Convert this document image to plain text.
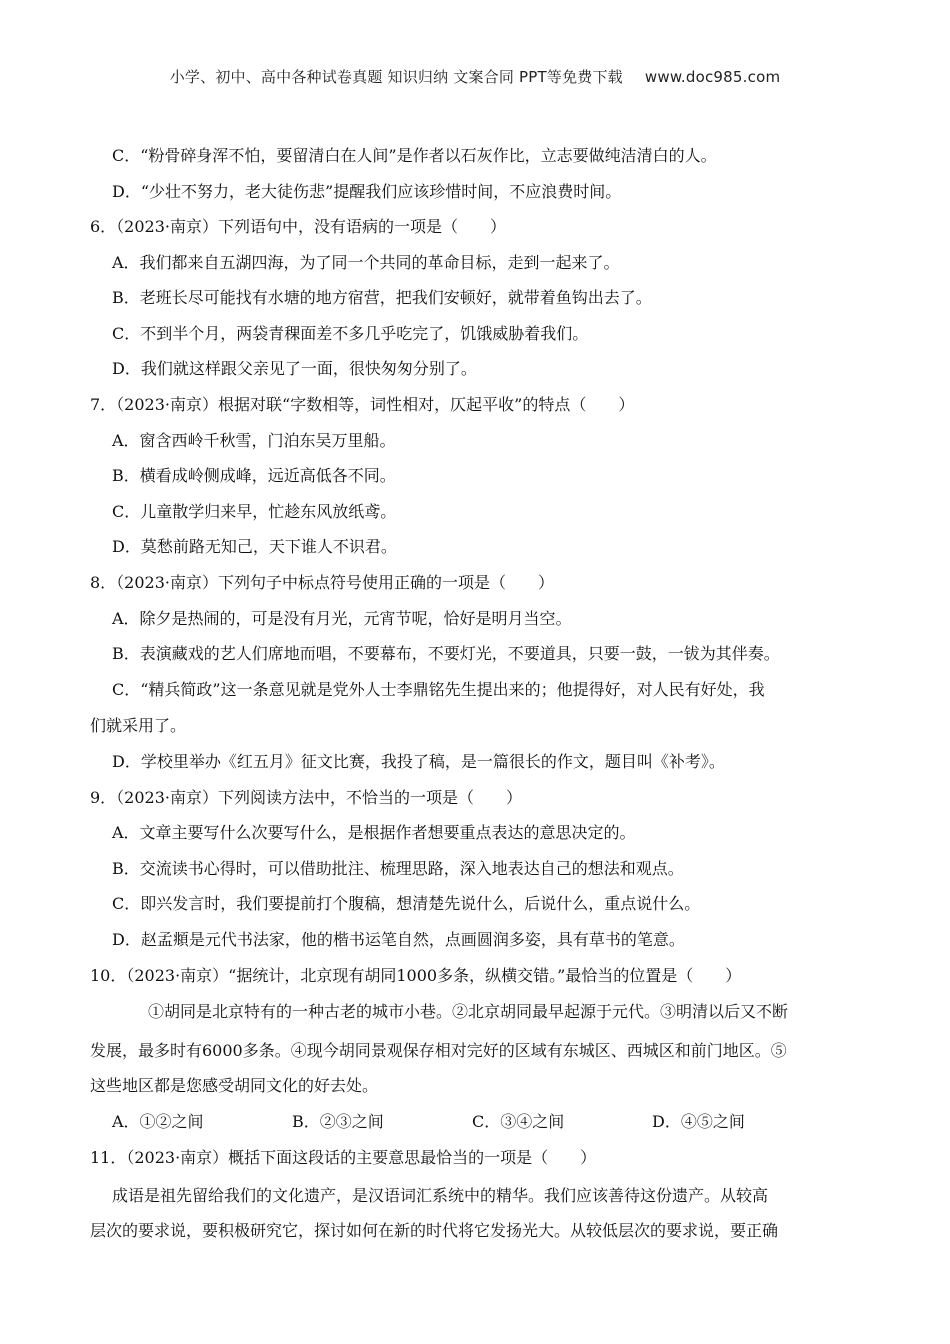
小学、初中、高中各种试卷真题 知识归纳 文案合同 PPT等免费下载 www.doc985.com
C．“粉骨碎身浑不怕，要留清白在人间”是作者以石灰作比，立志要做纯洁清白的人。
D．“少壮不努力，老大徒伤悲”提醒我们应该珍惜时间，不应浪费时间。
6．（2023·南京）下列语句中，没有语病的一项是（　　）
A．我们都来自五湖四海，为了同一个共同的革命目标，走到一起来了。
B．老班长尽可能找有水塘的地方宿营，把我们安顿好，就带着鱼钩出去了。
C．不到半个月，两袋青稞面差不多几乎吃完了，饥饿威胁着我们。
D．我们就这样跟父亲见了一面，很快匆匆分别了。
7．（2023·南京）根据对联“字数相等，词性相对，仄起平收”的特点（　　）
A．窗含西岭千秋雪，门泊东吴万里船。
B．横看成岭侧成峰，远近高低各不同。
C．儿童散学归来早，忙趁东风放纸鸢。
D．莫愁前路无知己，天下谁人不识君。
8．（2023·南京）下列句子中标点符号使用正确的一项是（　　）
A．除夕是热闹的，可是没有月光，元宵节呢，恰好是明月当空。
B．表演藏戏的艺人们席地而唱，不要幕布，不要灯光，不要道具，只要一鼓，一钹为其伴奏。
C．“精兵简政”这一条意见就是党外人士李鼎铭先生提出来的；他提得好，对人民有好处，我
们就采用了。
D．学校里举办《红五月》征文比赛，我投了稿，是一篇很长的作文，题目叫《补考》。
9．（2023·南京）下列阅读方法中，不恰当的一项是（　　）
A．文章主要写什么次要写什么，是根据作者想要重点表达的意思决定的。
B．交流读书心得时，可以借助批注、梳理思路，深入地表达自己的想法和观点。
C．即兴发言时，我们要提前打个腹稿，想清楚先说什么，后说什么，重点说什么。
D．赵孟頫是元代书法家，他的楷书运笔自然，点画圆润多姿，具有草书的笔意。
10．（2023·南京）“据统计，北京现有胡同1000多条，纵横交错。”最恰当的位置是（　　）
①胡同是北京特有的一种古老的城市小巷。②北京胡同最早起源于元代。③明清以后又不断
发展，最多时有6000多条。④现今胡同景观保存相对完好的区域有东城区、西城区和前门地区。⑤
这些地区都是您感受胡同文化的好去处。
A．①②之间	B．②③之间	C．③④之间	D．④⑤之间
11．（2023·南京）概括下面这段话的主要意思最恰当的一项是（　　）
成语是祖先留给我们的文化遗产，是汉语词汇系统中的精华。我们应该善待这份遗产。从较高
层次的要求说，要积极研究它，探讨如何在新的时代将它发扬光大。从较低层次的要求说，要正确
